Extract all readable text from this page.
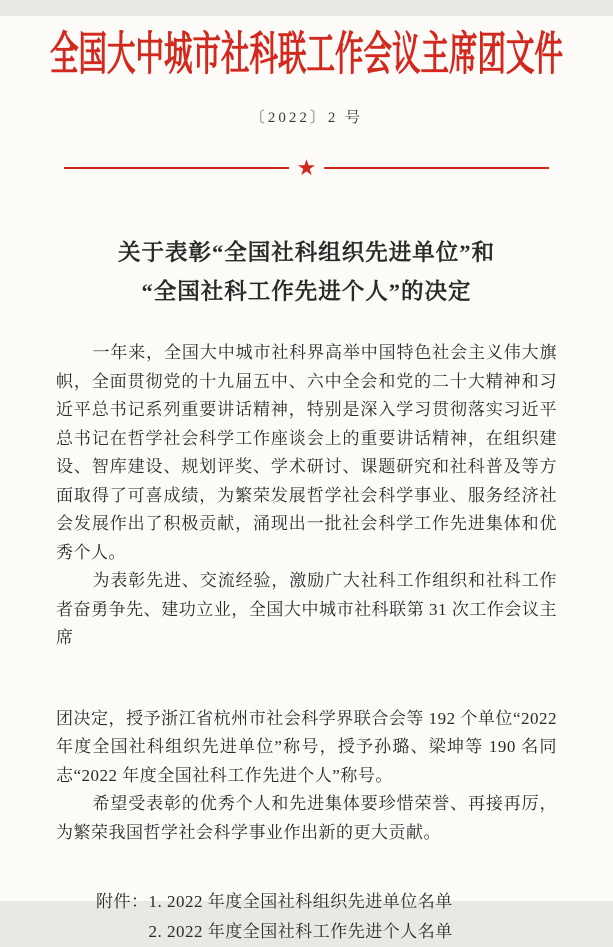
全国大中城市社科联工作会议主席团文件
〔2022〕2 号
★
关于表彰“全国社科组织先进单位”和
“全国社科工作先进个人”的决定

一年来，全国大中城市社科界高举中国特色社会主义伟大旗帜，全面贯彻党的十九届五中、六中全会和党的二十大精神和习近平总书记系列重要讲话精神，特别是深入学习贯彻落实习近平总书记在哲学社会科学工作座谈会上的重要讲话精神，在组织建设、智库建设、规划评奖、学术研讨、课题研究和社科普及等方面取得了可喜成绩，为繁荣发展哲学社会科学事业、服务经济社会发展作出了积极贡献，涌现出一批社会科学工作先进集体和优秀个人。

为表彰先进、交流经验，激励广大社科工作组织和社科工作者奋勇争先、建功立业，全国大中城市社科联第 31 次工作会议主席

团决定，授予浙江省杭州市社会科学界联合会等 192 个单位“2022年度全国社科组织先进单位”称号，授予孙璐、梁坤等 190 名同志“2022 年度全国社科工作先进个人”称号。

希望受表彰的优秀个人和先进集体要珍惜荣誉、再接再厉，为繁荣我国哲学社会科学事业作出新的更大贡献。

附件： 1. 2022 年度全国社科组织先进单位名单
2. 2022 年度全国社科工作先进个人名单
